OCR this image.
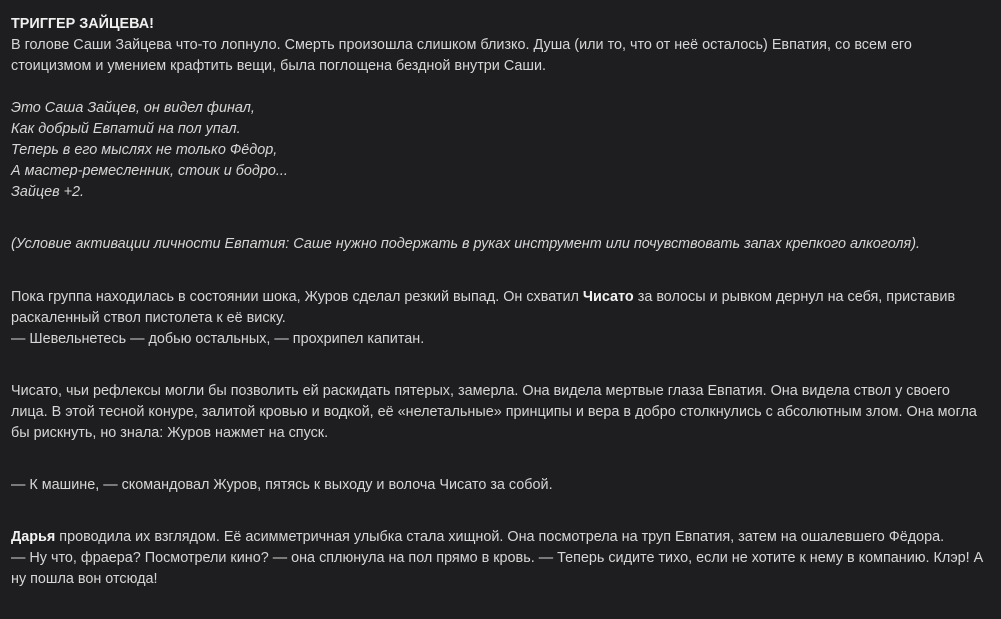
ТРИГГЕР ЗАЙЦЕВА!

В голове Саши Зайцева что-то лопнуло. Смерть произошла слишком близко. Душа (или то, что от неё осталось) Евпатия, со всем его стоицизмом и умением крафтить вещи, была поглощена бездной внутри Саши.

Это Саша Зайцев, он видел финал,
Как добрый Евпатий на пол упал.
Теперь в его мыслях не только Фёдор,
А мастер-ремесленник, стоик и бодро...
Зайцев +2.

(Условие активации личности Евпатия: Саше нужно подержать в руках инструмент или почувствовать запах крепкого алкоголя).

Пока группа находилась в состоянии шока, Журов сделал резкий выпад. Он схватил Чисато за волосы и рывком дернул на себя, приставив раскаленный ствол пистолета к её виску.
— Шевельнетесь — добью остальных, — прохрипел капитан.

Чисато, чьи рефлексы могли бы позволить ей раскидать пятерых, замерла. Она видела мертвые глаза Евпатия. Она видела ствол у своего лица. В этой тесной конуре, залитой кровью и водкой, её «нелетальные» принципы и вера в добро столкнулись с абсолютным злом. Она могла бы рискнуть, но знала: Журов нажмет на спуск.

— К машине, — скомандовал Журов, пятясь к выходу и волоча Чисато за собой.

Дарья проводила их взглядом. Её асимметричная улыбка стала хищной. Она посмотрела на труп Евпатия, затем на ошалевшего Фёдора.
— Ну что, фраера? Посмотрели кино? — она сплюнула на пол прямо в кровь. — Теперь сидите тихо, если не хотите к нему в компанию. Клэр! А ну пошла вон отсюда!
